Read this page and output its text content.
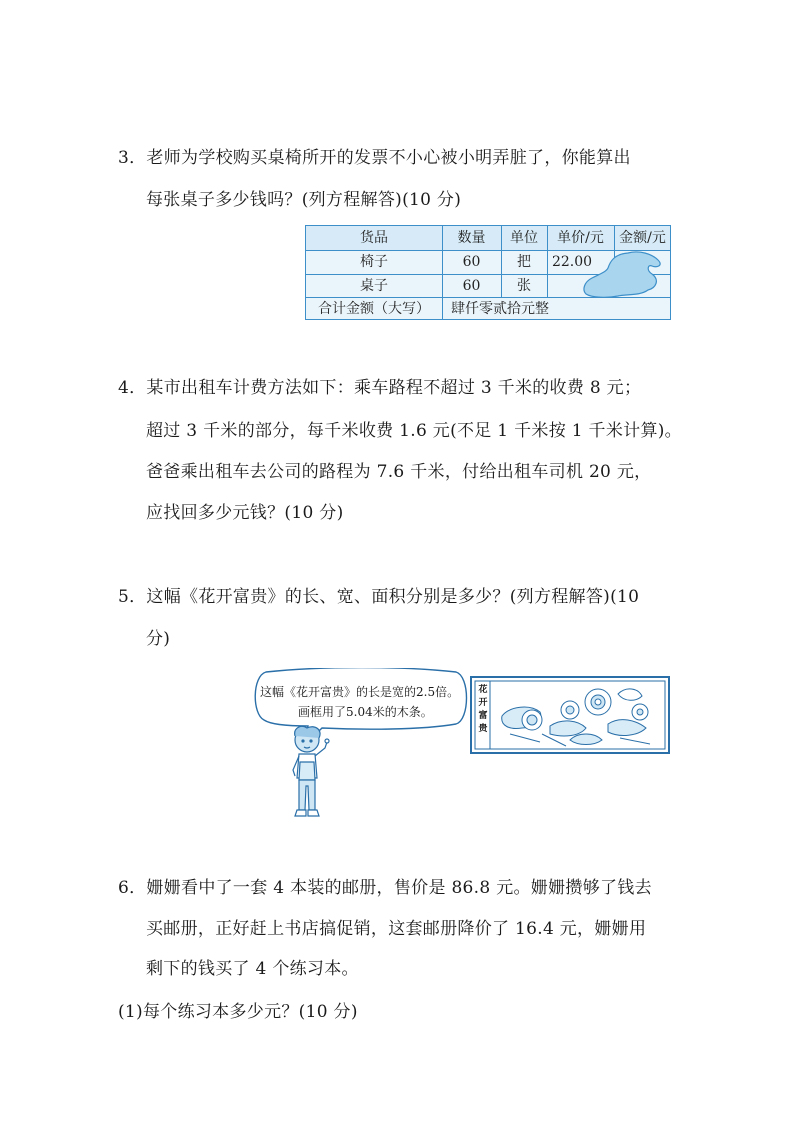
3．老师为学校购买桌椅所开的发票不小心被小明弄脏了，你能算出
每张桌子多少钱吗？(列方程解答)(10 分)
货品	数量	单位	单价/元	金额/元
椅子	60	把	22.00
桌子	60	张
合计金额（大写）	肆仟零贰拾元整
4．某市出租车计费方法如下：乘车路程不超过 3 千米的收费 8 元；
超过 3 千米的部分，每千米收费 1.6 元(不足 1 千米按 1 千米计算)。
爸爸乘出租车去公司的路程为 7.6 千米，付给出租车司机 20 元，
应找回多少元钱？(10 分)
5．这幅《花开富贵》的长、宽、面积分别是多少？(列方程解答)(10
分)
这幅《花开富贵》的长是宽的2.5倍。
画框用了5.04米的木条。
花
开
富
贵
6．姗姗看中了一套 4 本装的邮册，售价是 86.8 元。姗姗攒够了钱去
买邮册，正好赶上书店搞促销，这套邮册降价了 16.4 元，姗姗用
剩下的钱买了 4 个练习本。
(1)每个练习本多少元？(10 分)
